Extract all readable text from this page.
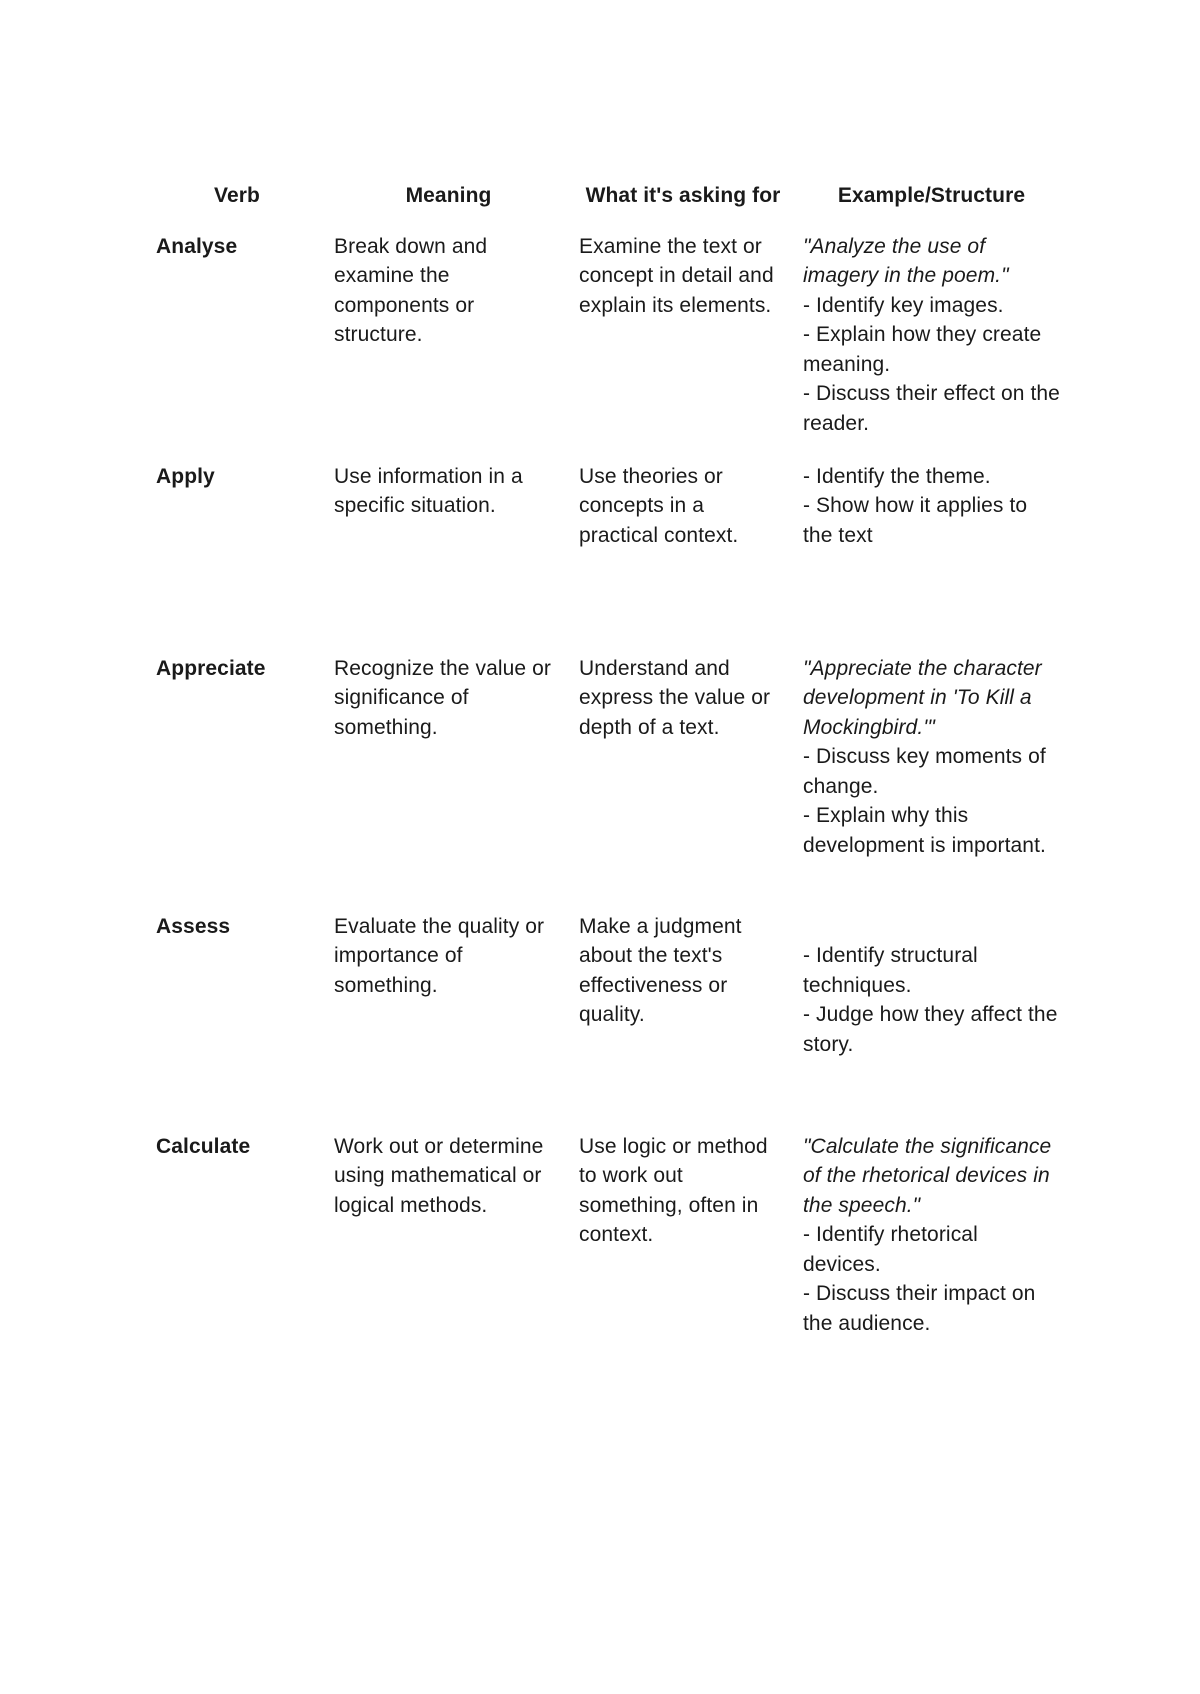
Verb	Meaning	What it's asking for	Example/Structure
Analyse	Break down and examine the components or structure.	Examine the text or concept in detail and explain its elements.	"Analyze the use of imagery in the poem."
- Identify key images.
- Explain how they create meaning.
- Discuss their effect on the reader.

Apply	Use information in a specific situation.	Use theories or concepts in a practical context.	- Identify the theme.
- Show how it applies to the text

Appreciate	Recognize the value or significance of something.	Understand and express the value or depth of a text.	"Appreciate the character development in 'To Kill a Mockingbird.'"
- Discuss key moments of change.
- Explain why this development is important.

Assess	Evaluate the quality or importance of something.	Make a judgment about the text's effectiveness or quality.	- Identify structural techniques.
- Judge how they affect the story.

Calculate	Work out or determine using mathematical or logical methods.	Use logic or method to work out something, often in context.	"Calculate the significance of the rhetorical devices in the speech."
- Identify rhetorical devices.
- Discuss their impact on the audience.
